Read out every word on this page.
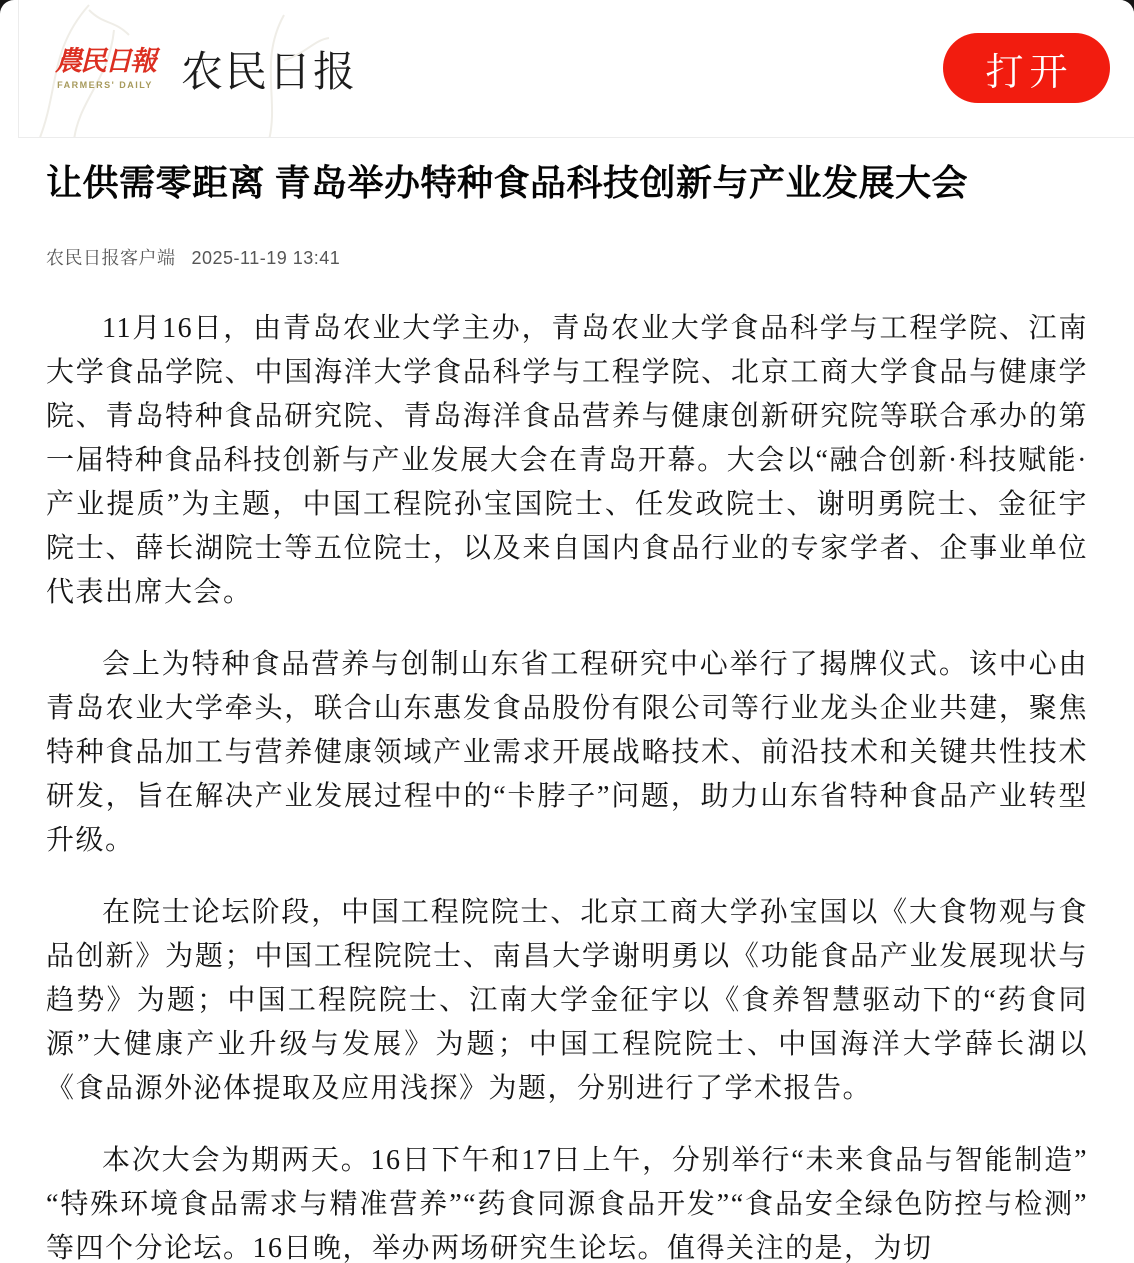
農民日報
FARMERS' DAILY 农民日报	打开
让供需零距离 青岛举办特种食品科技创新与产业发展大会
农民日报客户端 2025-11-19 13:41

11月16日，由青岛农业大学主办，青岛农业大学食品科学与工程学院、江南大学食品学院、中国海洋大学食品科学与工程学院、北京工商大学食品与健康学院、青岛特种食品研究院、青岛海洋食品营养与健康创新研究院等联合承办的第一届特种食品科技创新与产业发展大会在青岛开幕。大会以“融合创新·科技赋能·产业提质”为主题，中国工程院孙宝国院士、任发政院士、谢明勇院士、金征宇院士、薛长湖院士等五位院士，以及来自国内食品行业的专家学者、企事业单位代表出席大会。

会上为特种食品营养与创制山东省工程研究中心举行了揭牌仪式。该中心由青岛农业大学牵头，联合山东惠发食品股份有限公司等行业龙头企业共建，聚焦特种食品加工与营养健康领域产业需求开展战略技术、前沿技术和关键共性技术研发，旨在解决产业发展过程中的“卡脖子”问题，助力山东省特种食品产业转型升级。

在院士论坛阶段，中国工程院院士、北京工商大学孙宝国以《大食物观与食品创新》为题；中国工程院院士、南昌大学谢明勇以《功能食品产业发展现状与趋势》为题；中国工程院院士、江南大学金征宇以《食养智慧驱动下的“药食同源”大健康产业升级与发展》为题；中国工程院院士、中国海洋大学薛长湖以《食品源外泌体提取及应用浅探》为题，分别进行了学术报告。

本次大会为期两天。16日下午和17日上午，分别举行“未来食品与智能制造”“特殊环境食品需求与精准营养”“药食同源食品开发”“食品安全绿色防控与检测”等四个分论坛。16日晚，举办两场研究生论坛。值得关注的是，为切
